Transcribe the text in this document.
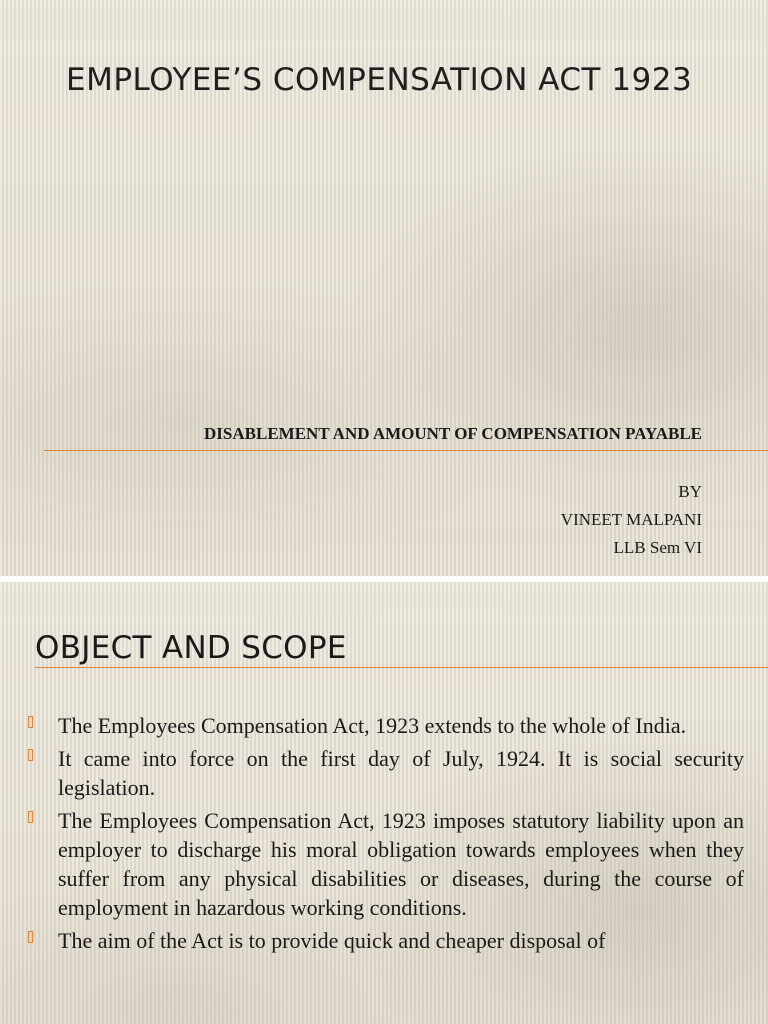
EMPLOYEE’S COMPENSATION ACT 1923

DISABLEMENT AND AMOUNT OF COMPENSATION PAYABLE

BY
VINEET MALPANI
LLB Sem VI
OBJECT AND SCOPE
The Employees Compensation Act, 1923 extends to the whole of India.
It came into force on the first day of July, 1924. It is social security legislation.
The Employees Compensation Act, 1923 imposes statutory liability upon an employer to discharge his moral obligation towards employees when they suffer from any physical disabilities or diseases, during the course of employment in hazardous working conditions.
The aim of the Act is to provide quick and cheaper disposal of
